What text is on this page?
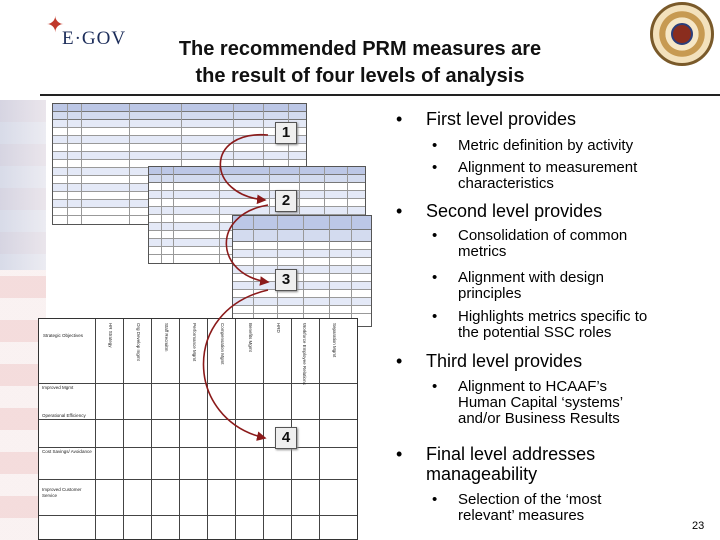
✦
E·GOV	The recommended PRM measures are
the result of four levels of analysis
Strategic Objectives	HR Strategy	Org Develop mgmt	Staff Recruitm	Performance Mgmt	Compensation Mgmt	Benefits Mgmt	HRD	Workforce Employee Relations	Separation Mgmt
Improved Mgmt
Operational Efficiency
Cost Savings/ Avoidance
Improved Customer Service
1
2
3
4
• First level provides
• Metric definition by activity
• Alignment to measurement
characteristics
• Second level provides
• Consolidation of common
metrics
• Alignment with design
principles
• Highlights metrics specific to
the potential SSC roles
• Third level provides
• Alignment to HCAAF’s
Human Capital ‘systems’
and/or Business Results
• Final level addresses
manageability
• Selection of the ‘most
relevant’ measures
23
